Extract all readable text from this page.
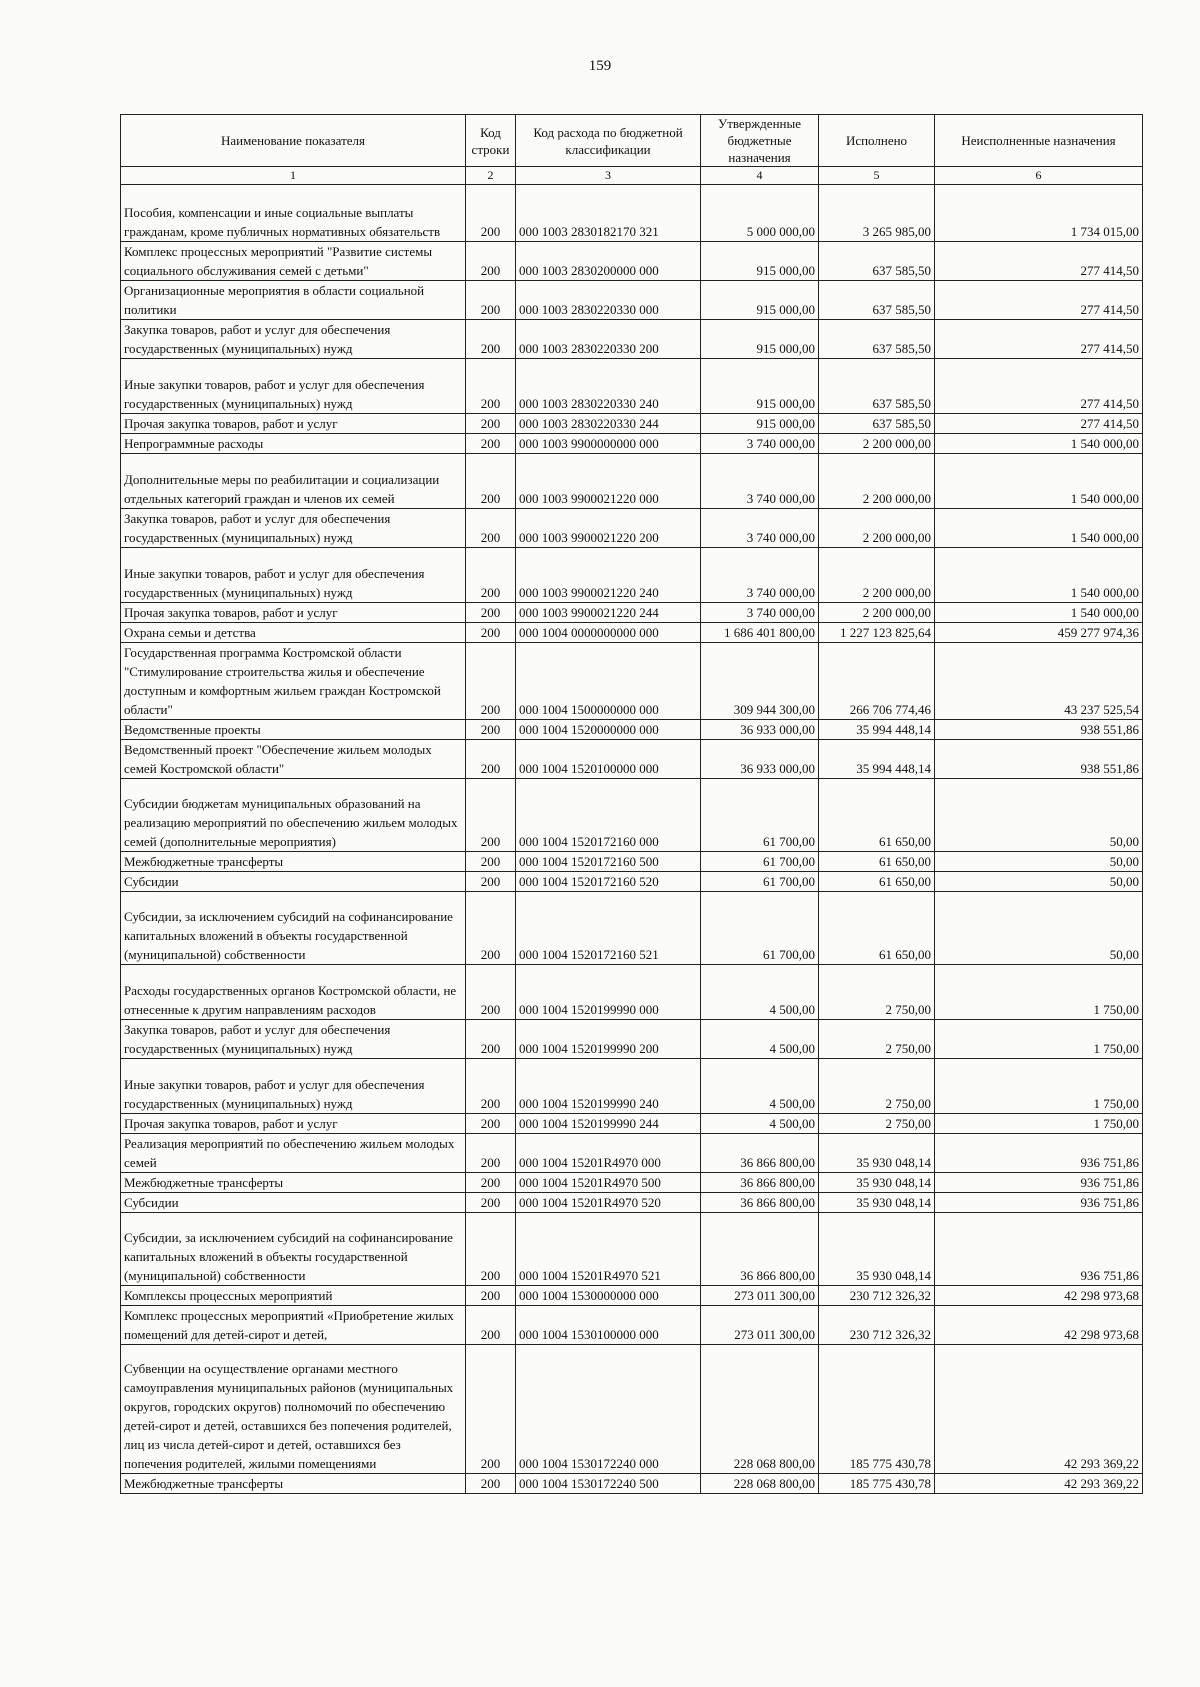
159
Наименование показателя	Код строки	Код расхода по бюджетной классификации	Утвержденные бюджетные назначения	Исполнено	Неисполненные назначения
1	2	3	4	5	6
Пособия, компенсации и иные социальные выплаты гражданам, кроме публичных нормативных обязательств	200	000 1003 2830182170 321	5 000 000,00	3 265 985,00	1 734 015,00
Комплекс процессных мероприятий "Развитие системы социального обслуживания семей с детьми"	200	000 1003 2830200000 000	915 000,00	637 585,50	277 414,50
Организационные мероприятия в области социальной политики	200	000 1003 2830220330 000	915 000,00	637 585,50	277 414,50
Закупка товаров, работ и услуг для обеспечения государственных (муниципальных) нужд	200	000 1003 2830220330 200	915 000,00	637 585,50	277 414,50
Иные закупки товаров, работ и услуг для обеспечения государственных (муниципальных) нужд	200	000 1003 2830220330 240	915 000,00	637 585,50	277 414,50
Прочая закупка товаров, работ и услуг	200	000 1003 2830220330 244	915 000,00	637 585,50	277 414,50
Непрограммные расходы	200	000 1003 9900000000 000	3 740 000,00	2 200 000,00	1 540 000,00
Дополнительные меры по реабилитации и социализации отдельных категорий граждан и членов их семей	200	000 1003 9900021220 000	3 740 000,00	2 200 000,00	1 540 000,00
Закупка товаров, работ и услуг для обеспечения государственных (муниципальных) нужд	200	000 1003 9900021220 200	3 740 000,00	2 200 000,00	1 540 000,00
Иные закупки товаров, работ и услуг для обеспечения государственных (муниципальных) нужд	200	000 1003 9900021220 240	3 740 000,00	2 200 000,00	1 540 000,00
Прочая закупка товаров, работ и услуг	200	000 1003 9900021220 244	3 740 000,00	2 200 000,00	1 540 000,00
Охрана семьи и детства	200	000 1004 0000000000 000	1 686 401 800,00	1 227 123 825,64	459 277 974,36
Государственная программа Костромской области "Стимулирование строительства жилья и обеспечение доступным и комфортным жильем граждан Костромской области"	200	000 1004 1500000000 000	309 944 300,00	266 706 774,46	43 237 525,54
Ведомственные проекты	200	000 1004 1520000000 000	36 933 000,00	35 994 448,14	938 551,86
Ведомственный проект "Обеспечение жильем молодых семей Костромской области"	200	000 1004 1520100000 000	36 933 000,00	35 994 448,14	938 551,86
Субсидии бюджетам муниципальных образований на реализацию мероприятий по обеспечению жильем молодых семей (дополнительные мероприятия)	200	000 1004 1520172160 000	61 700,00	61 650,00	50,00
Межбюджетные трансферты	200	000 1004 1520172160 500	61 700,00	61 650,00	50,00
Субсидии	200	000 1004 1520172160 520	61 700,00	61 650,00	50,00
Субсидии, за исключением субсидий на софинансирование капитальных вложений в объекты государственной (муниципальной) собственности	200	000 1004 1520172160 521	61 700,00	61 650,00	50,00
Расходы государственных органов Костромской области, не отнесенные к другим направлениям расходов	200	000 1004 1520199990 000	4 500,00	2 750,00	1 750,00
Закупка товаров, работ и услуг для обеспечения государственных (муниципальных) нужд	200	000 1004 1520199990 200	4 500,00	2 750,00	1 750,00
Иные закупки товаров, работ и услуг для обеспечения государственных (муниципальных) нужд	200	000 1004 1520199990 240	4 500,00	2 750,00	1 750,00
Прочая закупка товаров, работ и услуг	200	000 1004 1520199990 244	4 500,00	2 750,00	1 750,00
Реализация мероприятий по обеспечению жильем молодых семей	200	000 1004 15201R4970 000	36 866 800,00	35 930 048,14	936 751,86
Межбюджетные трансферты	200	000 1004 15201R4970 500	36 866 800,00	35 930 048,14	936 751,86
Субсидии	200	000 1004 15201R4970 520	36 866 800,00	35 930 048,14	936 751,86
Субсидии, за исключением субсидий на софинансирование капитальных вложений в объекты государственной (муниципальной) собственности	200	000 1004 15201R4970 521	36 866 800,00	35 930 048,14	936 751,86
Комплексы процессных мероприятий	200	000 1004 1530000000 000	273 011 300,00	230 712 326,32	42 298 973,68
Комплекс процессных мероприятий «Приобретение жилых помещений для детей-сирот и детей,	200	000 1004 1530100000 000	273 011 300,00	230 712 326,32	42 298 973,68
Субвенции на осуществление органами местного самоуправления муниципальных районов (муниципальных округов, городских округов) полномочий по обеспечению детей-сирот и детей, оставшихся без попечения родителей, лиц из числа детей-сирот и детей, оставшихся без попечения родителей, жилыми помещениями	200	000 1004 1530172240 000	228 068 800,00	185 775 430,78	42 293 369,22
Межбюджетные трансферты	200	000 1004 1530172240 500	228 068 800,00	185 775 430,78	42 293 369,22
